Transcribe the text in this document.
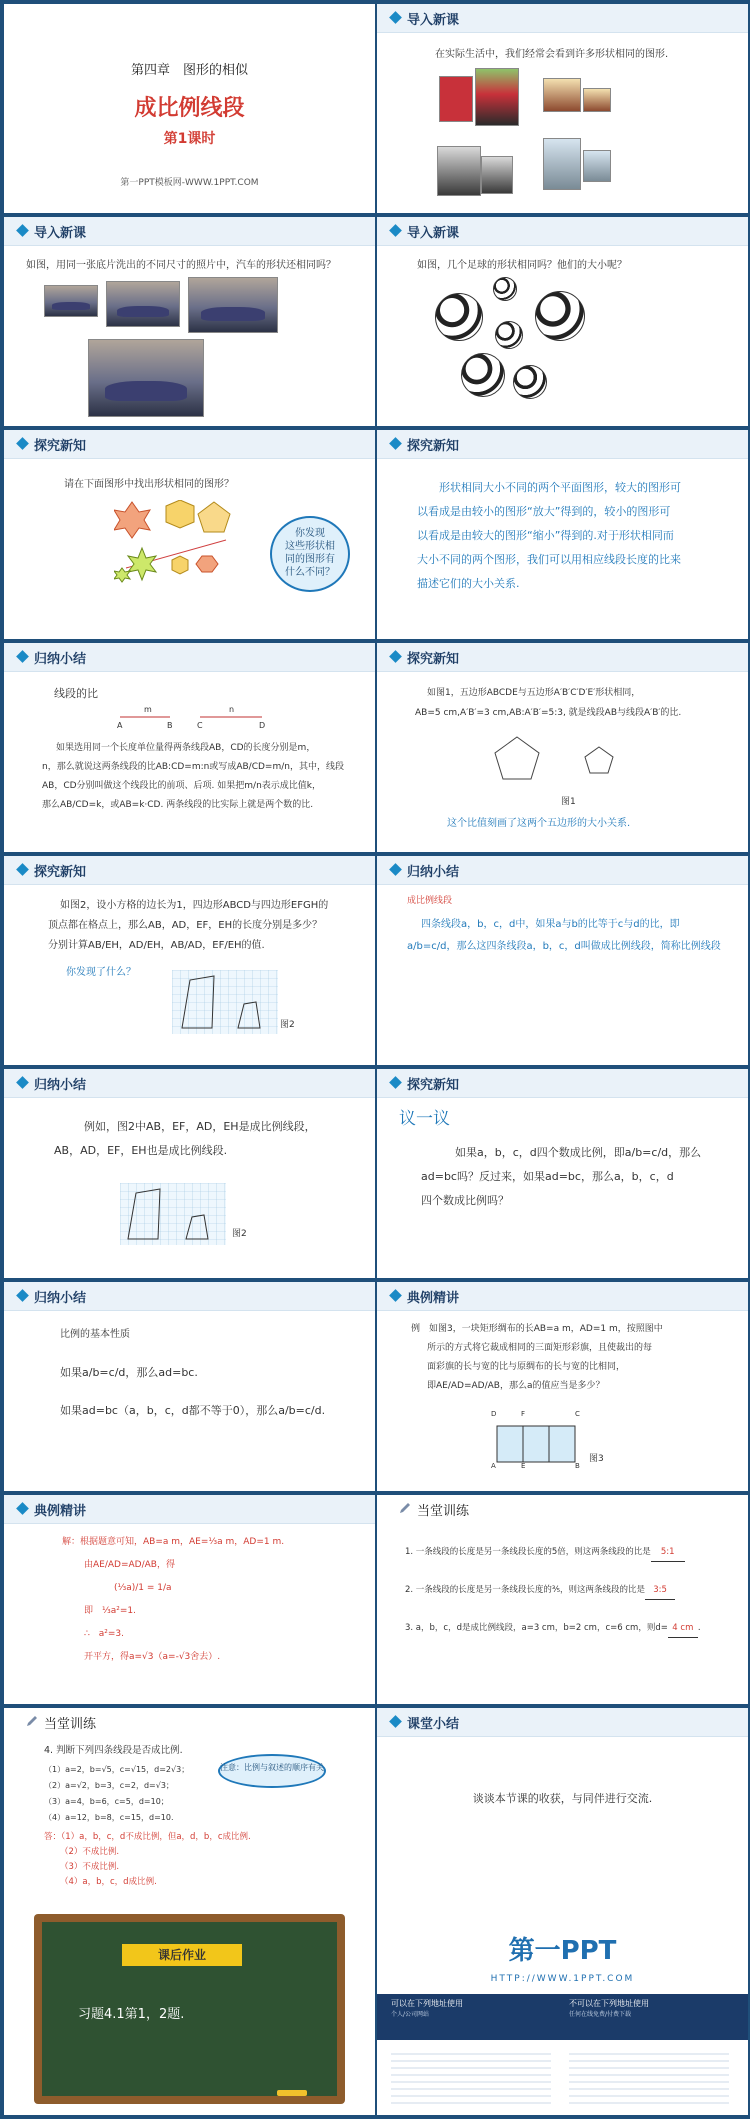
第四章　图形的相似
成比例线段
第1课时
第一PPT模板网-WWW.1PPT.COM
导入新课
在实际生活中，我们经常会看到许多形状相同的图形.
导入新课
如图，用同一张底片洗出的不同尺寸的照片中，汽车的形状还相同吗？
导入新课
如图，几个足球的形状相同吗？他们的大小呢？
探究新知
请在下面图形中找出形状相同的图形？
你发现
这些形状相
同的图形有
什么不同？
探究新知
形状相同大小不同的两个平面图形，较大的图形可
以看成是由较小的图形“放大”得到的，较小的图形可
以看成是由较大的图形“缩小”得到的.对于形状相同而
大小不同的两个图形，我们可以用相应线段长度的比来
描述它们的大小关系.
归纳小结
线段的比
m	n
A	B	C	D
如果选用同一个长度单位量得两条线段AB，CD的长度分别是m，
n，那么就说这两条线段的比AB:CD=m:n或写成AB/CD=m/n，其中，线段
AB，CD分别叫做这个线段比的前项、后项. 如果把m/n表示成比值k，
那么AB/CD=k，或AB=k·CD. 两条线段的比实际上就是两个数的比.
探究新知
如图1，五边形ABCDE与五边形A′B′C′D′E′形状相同，
AB=5 cm,A′B′=3 cm,AB:A′B′=5:3, 就是线段AB与线段A′B′的比.
图1
这个比值刻画了这两个五边形的大小关系.
探究新知
如图2，设小方格的边长为1，四边形ABCD与四边形EFGH的
顶点都在格点上，那么AB，AD，EF，EH的长度分别是多少？
分别计算AB/EH，AD/EH，AB/AD，EF/EH的值.
你发现了什么？
图2
归纳小结
成比例线段
四条线段a，b，c，d中，如果a与b的比等于c与d的比，即
a/b=c/d，那么这四条线段a，b，c，d叫做成比例线段，简称比例线段
归纳小结
例如，图2中AB，EF，AD，EH是成比例线段，
AB，AD，EF，EH也是成比例线段.
图2
探究新知
议一议
如果a，b，c，d四个数成比例，即a/b=c/d，那么
ad=bc吗？反过来，如果ad=bc，那么a，b，c，d
四个数成比例吗？
归纳小结
比例的基本性质
如果a/b=c/d，那么ad=bc.
如果ad=bc（a，b，c，d都不等于0），那么a/b=c/d.
典例精讲
例　如图3，一块矩形绸布的长AB=a m，AD=1 m，按照图中
所示的方式将它裁成相同的三面矩形彩旗，且使裁出的每
面彩旗的长与宽的比与原绸布的长与宽的比相同，
即AE/AD=AD/AB，那么a的值应当是多少？
D	F	C
A	E	B
图3
典例精讲
解：根据题意可知，AB=a m，AE=⅓a m，AD=1 m.
由AE/AD=AD/AB，得
(⅓a)/1 = 1/a
即　⅓a²=1.
∴　a²=3.
开平方，得a=√3（a=-√3舍去）.
当堂训练
1. 一条线段的长度是另一条线段长度的5倍，则这两条线段的比是 5:1
2. 一条线段的长度是另一条线段长度的⅗，则这两条线段的比是 3:5
3. a，b，c，d是成比例线段，a=3 cm，b=2 cm，c=6 cm，则d= 4 cm .
当堂训练
4. 判断下列四条线段是否成比例.
（1）a=2，b=√5，c=√15，d=2√3；
（2）a=√2，b=3，c=2，d=√3；
（3）a=4，b=6，c=5，d=10；
（4）a=12，b=8，c=15，d=10.
注意：比例与叙述的顺序有关
答：（1）a，b，c，d不成比例，但a，d，b，c成比例.
（2）不成比例.
（3）不成比例.
（4）a，b，c，d成比例.
课堂小结
谈谈本节课的收获，与同伴进行交流.
课后作业
习题4.1第1，2题.
第一PPT
HTTP://WWW.1PPT.COM
可以在下列地址使用
个人/公司网站
不可以在下列地址使用
任何在线免费/付费下载
